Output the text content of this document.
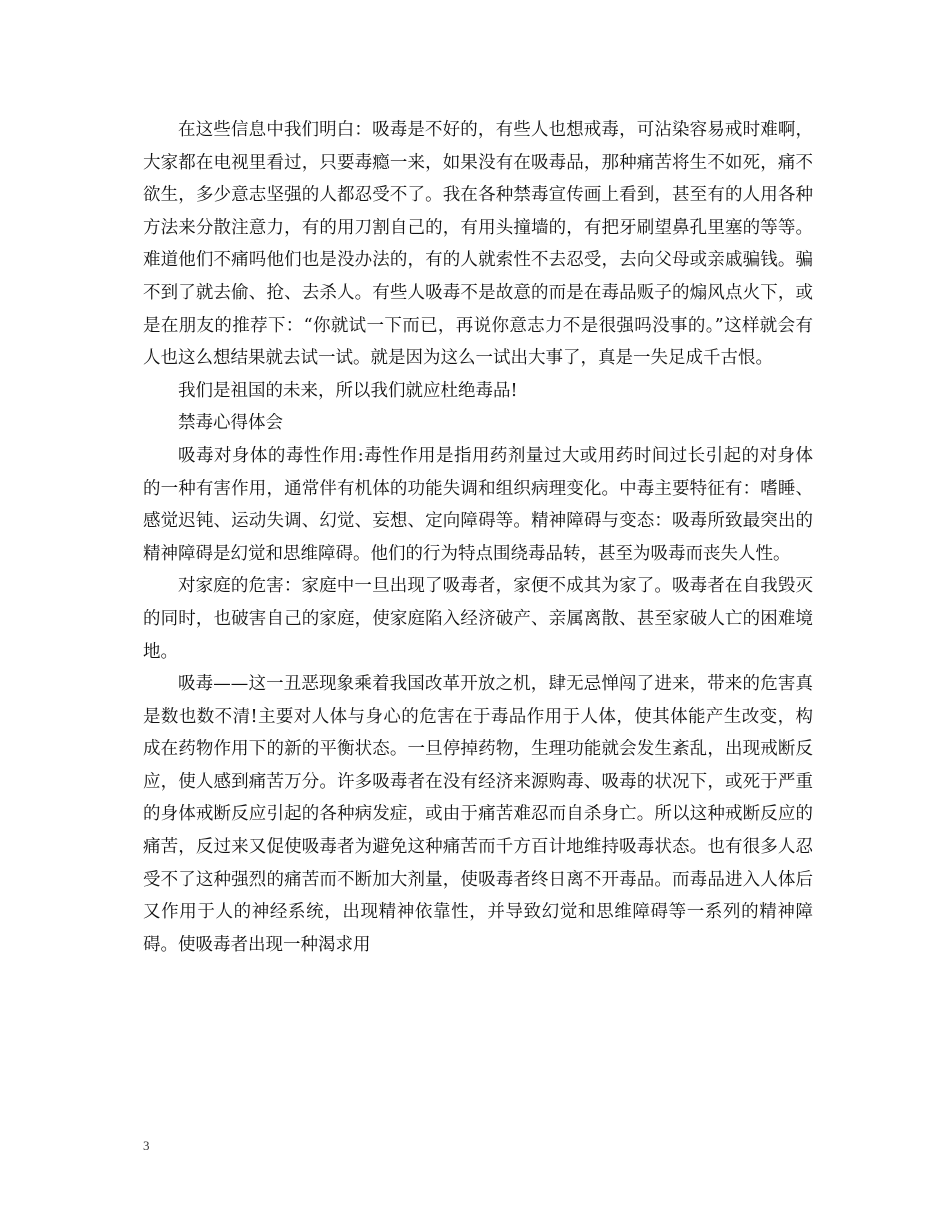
在这些信息中我们明白：吸毒是不好的，有些人也想戒毒，可沾染容易戒时难啊，大家都在电视里看过，只要毒瘾一来，如果没有在吸毒品，那种痛苦将生不如死，痛不欲生，多少意志坚强的人都忍受不了。我在各种禁毒宣传画上看到，甚至有的人用各种方法来分散注意力，有的用刀割自己的，有用头撞墙的，有把牙刷望鼻孔里塞的等等。难道他们不痛吗他们也是没办法的，有的人就索性不去忍受，去向父母或亲戚骗钱。骗不到了就去偷、抢、去杀人。有些人吸毒不是故意的而是在毒品贩子的煽风点火下，或是在朋友的推荐下：“你就试一下而已，再说你意志力不是很强吗没事的。”这样就会有人也这么想结果就去试一试。就是因为这么一试出大事了，真是一失足成千古恨。

我们是祖国的未来，所以我们就应杜绝毒品!

禁毒心得体会

吸毒对身体的毒性作用:毒性作用是指用药剂量过大或用药时间过长引起的对身体的一种有害作用，通常伴有机体的功能失调和组织病理变化。中毒主要特征有：嗜睡、感觉迟钝、运动失调、幻觉、妄想、定向障碍等。精神障碍与变态：吸毒所致最突出的精神障碍是幻觉和思维障碍。他们的行为特点围绕毒品转，甚至为吸毒而丧失人性。

对家庭的危害：家庭中一旦出现了吸毒者，家便不成其为家了。吸毒者在自我毁灭的同时，也破害自己的家庭，使家庭陷入经济破产、亲属离散、甚至家破人亡的困难境地。

吸毒——这一丑恶现象乘着我国改革开放之机，肆无忌惮闯了进来，带来的危害真是数也数不清!主要对人体与身心的危害在于毒品作用于人体，使其体能产生改变，构成在药物作用下的新的平衡状态。一旦停掉药物，生理功能就会发生紊乱，出现戒断反应，使人感到痛苦万分。许多吸毒者在没有经济来源购毒、吸毒的状况下，或死于严重的身体戒断反应引起的各种病发症，或由于痛苦难忍而自杀身亡。所以这种戒断反应的痛苦，反过来又促使吸毒者为避免这种痛苦而千方百计地维持吸毒状态。也有很多人忍受不了这种强烈的痛苦而不断加大剂量，使吸毒者终日离不开毒品。而毒品进入人体后又作用于人的神经系统，出现精神依靠性，并导致幻觉和思维障碍等一系列的精神障碍。使吸毒者出现一种渴求用

3
